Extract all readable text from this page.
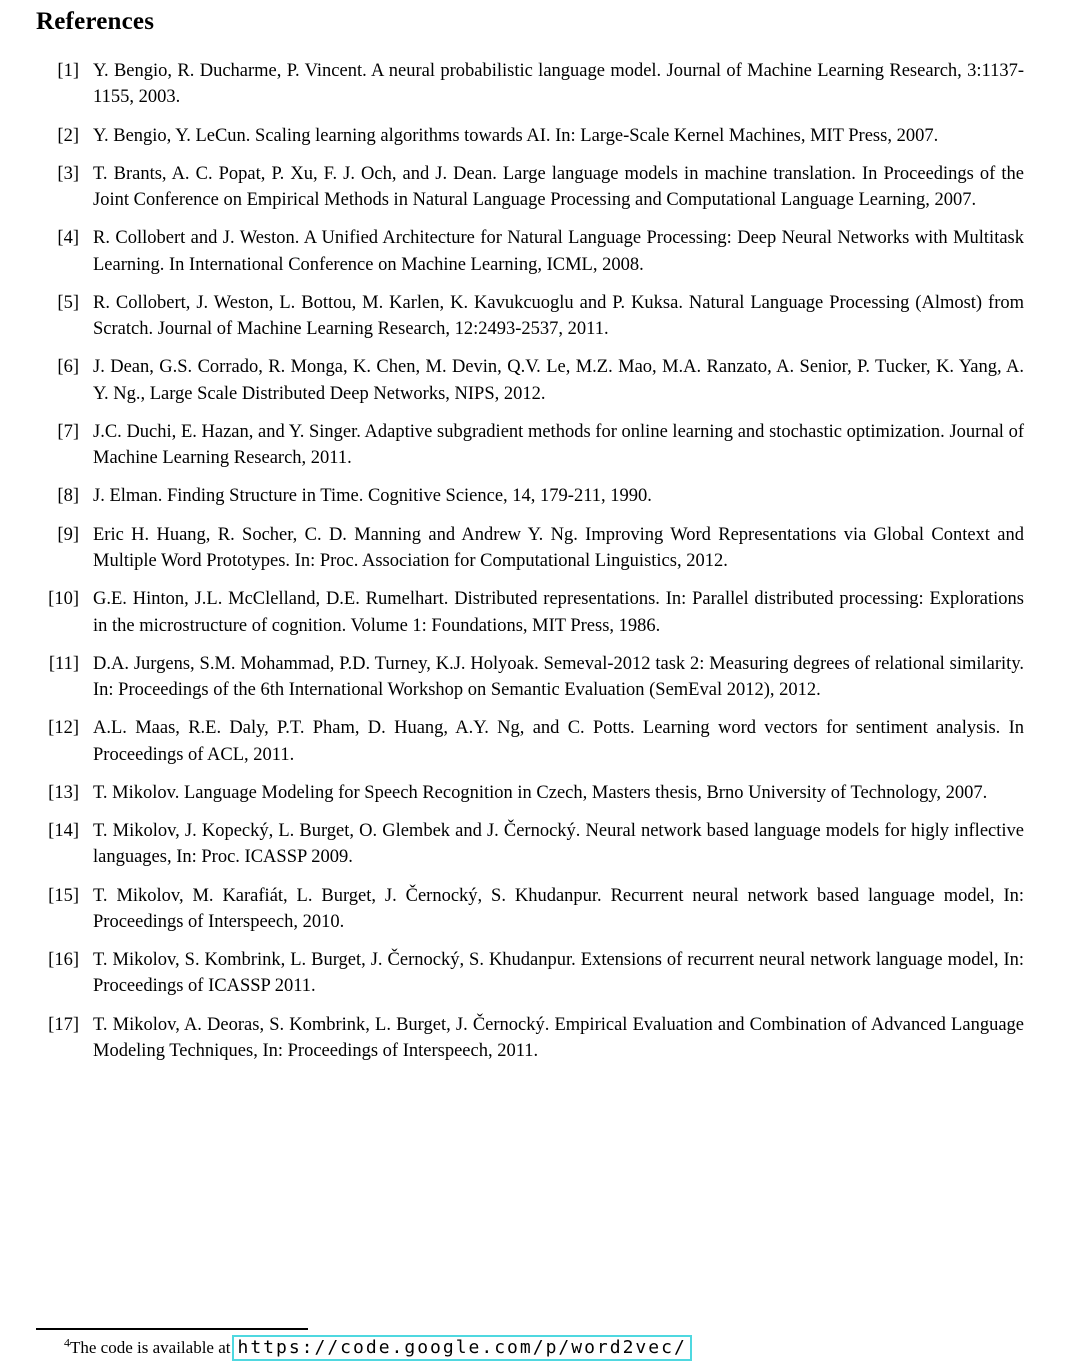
References
[1] Y. Bengio, R. Ducharme, P. Vincent. A neural probabilistic language model. Journal of Machine Learning Research, 3:1137-1155, 2003.
[2] Y. Bengio, Y. LeCun. Scaling learning algorithms towards AI. In: Large-Scale Kernel Machines, MIT Press, 2007.
[3] T. Brants, A. C. Popat, P. Xu, F. J. Och, and J. Dean. Large language models in machine translation. In Proceedings of the Joint Conference on Empirical Methods in Natural Language Processing and Computational Language Learning, 2007.
[4] R. Collobert and J. Weston. A Unified Architecture for Natural Language Processing: Deep Neural Networks with Multitask Learning. In International Conference on Machine Learning, ICML, 2008.
[5] R. Collobert, J. Weston, L. Bottou, M. Karlen, K. Kavukcuoglu and P. Kuksa. Natural Language Processing (Almost) from Scratch. Journal of Machine Learning Research, 12:2493-2537, 2011.
[6] J. Dean, G.S. Corrado, R. Monga, K. Chen, M. Devin, Q.V. Le, M.Z. Mao, M.A. Ranzato, A. Senior, P. Tucker, K. Yang, A. Y. Ng., Large Scale Distributed Deep Networks, NIPS, 2012.
[7] J.C. Duchi, E. Hazan, and Y. Singer. Adaptive subgradient methods for online learning and stochastic optimization. Journal of Machine Learning Research, 2011.
[8] J. Elman. Finding Structure in Time. Cognitive Science, 14, 179-211, 1990.
[9] Eric H. Huang, R. Socher, C. D. Manning and Andrew Y. Ng. Improving Word Representations via Global Context and Multiple Word Prototypes. In: Proc. Association for Computational Linguistics, 2012.
[10] G.E. Hinton, J.L. McClelland, D.E. Rumelhart. Distributed representations. In: Parallel distributed processing: Explorations in the microstructure of cognition. Volume 1: Foundations, MIT Press, 1986.
[11] D.A. Jurgens, S.M. Mohammad, P.D. Turney, K.J. Holyoak. Semeval-2012 task 2: Measuring degrees of relational similarity. In: Proceedings of the 6th International Workshop on Semantic Evaluation (SemEval 2012), 2012.
[12] A.L. Maas, R.E. Daly, P.T. Pham, D. Huang, A.Y. Ng, and C. Potts. Learning word vectors for sentiment analysis. In Proceedings of ACL, 2011.
[13] T. Mikolov. Language Modeling for Speech Recognition in Czech, Masters thesis, Brno University of Technology, 2007.
[14] T. Mikolov, J. Kopecký, L. Burget, O. Glembek and J. Černocký. Neural network based language models for higly inflective languages, In: Proc. ICASSP 2009.
[15] T. Mikolov, M. Karafiát, L. Burget, J. Černocký, S. Khudanpur. Recurrent neural network based language model, In: Proceedings of Interspeech, 2010.
[16] T. Mikolov, S. Kombrink, L. Burget, J. Černocký, S. Khudanpur. Extensions of recurrent neural network language model, In: Proceedings of ICASSP 2011.
[17] T. Mikolov, A. Deoras, S. Kombrink, L. Burget, J. Černocký. Empirical Evaluation and Combination of Advanced Language Modeling Techniques, In: Proceedings of Interspeech, 2011.
$^4$The code is available at https://code.google.com/p/word2vec/
